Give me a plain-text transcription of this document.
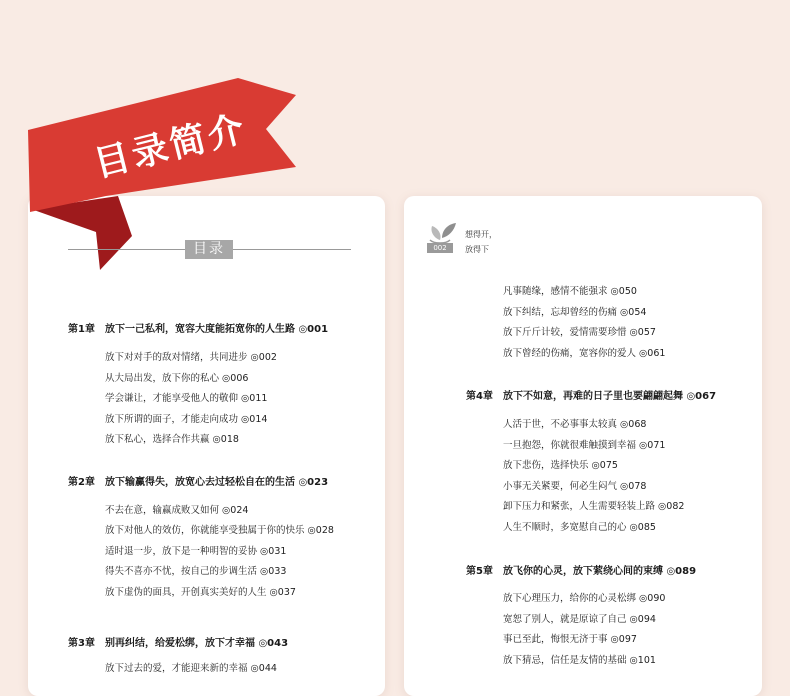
目录简介
目录
第1章 放下一己私利，宽容大度能拓宽你的人生路 ◎001
放下对对手的敌对情绪，共同进步 ◎002
从大局出发，放下你的私心 ◎006
学会谦让，才能享受他人的敬仰 ◎011
放下所谓的面子，才能走向成功 ◎014
放下私心，选择合作共赢 ◎018
第2章 放下输赢得失，放宽心去过轻松自在的生活 ◎023
不去在意，输赢成败又如何 ◎024
放下对他人的效仿，你就能享受独属于你的快乐 ◎028
适时退一步，放下是一种明智的妥协 ◎031
得失不喜亦不忧，按自己的步调生活 ◎033
放下虚伪的面具，开创真实美好的人生 ◎037
第3章 别再纠结，给爱松绑，放下才幸福 ◎043
放下过去的爱，才能迎来新的幸福 ◎044
002
想得开，
放得下
凡事随缘，感情不能强求 ◎050
放下纠结，忘却曾经的伤痛 ◎054
放下斤斤计较，爱情需要珍惜 ◎057
放下曾经的伤痛，宽容你的爱人 ◎061
第4章 放下不如意，再难的日子里也要翩翩起舞 ◎067
人活于世，不必事事太较真 ◎068
一旦抱怨，你就很难触摸到幸福 ◎071
放下悲伤，选择快乐 ◎075
小事无关紧要，何必生闷气 ◎078
卸下压力和紧张，人生需要轻装上路 ◎082
人生不顺时，多宽慰自己的心 ◎085
第5章 放飞你的心灵，放下萦绕心间的束缚 ◎089
放下心理压力，给你的心灵松绑 ◎090
宽恕了别人，就是原谅了自己 ◎094
事已至此，悔恨无济于事 ◎097
放下猜忌，信任是友情的基础 ◎101
